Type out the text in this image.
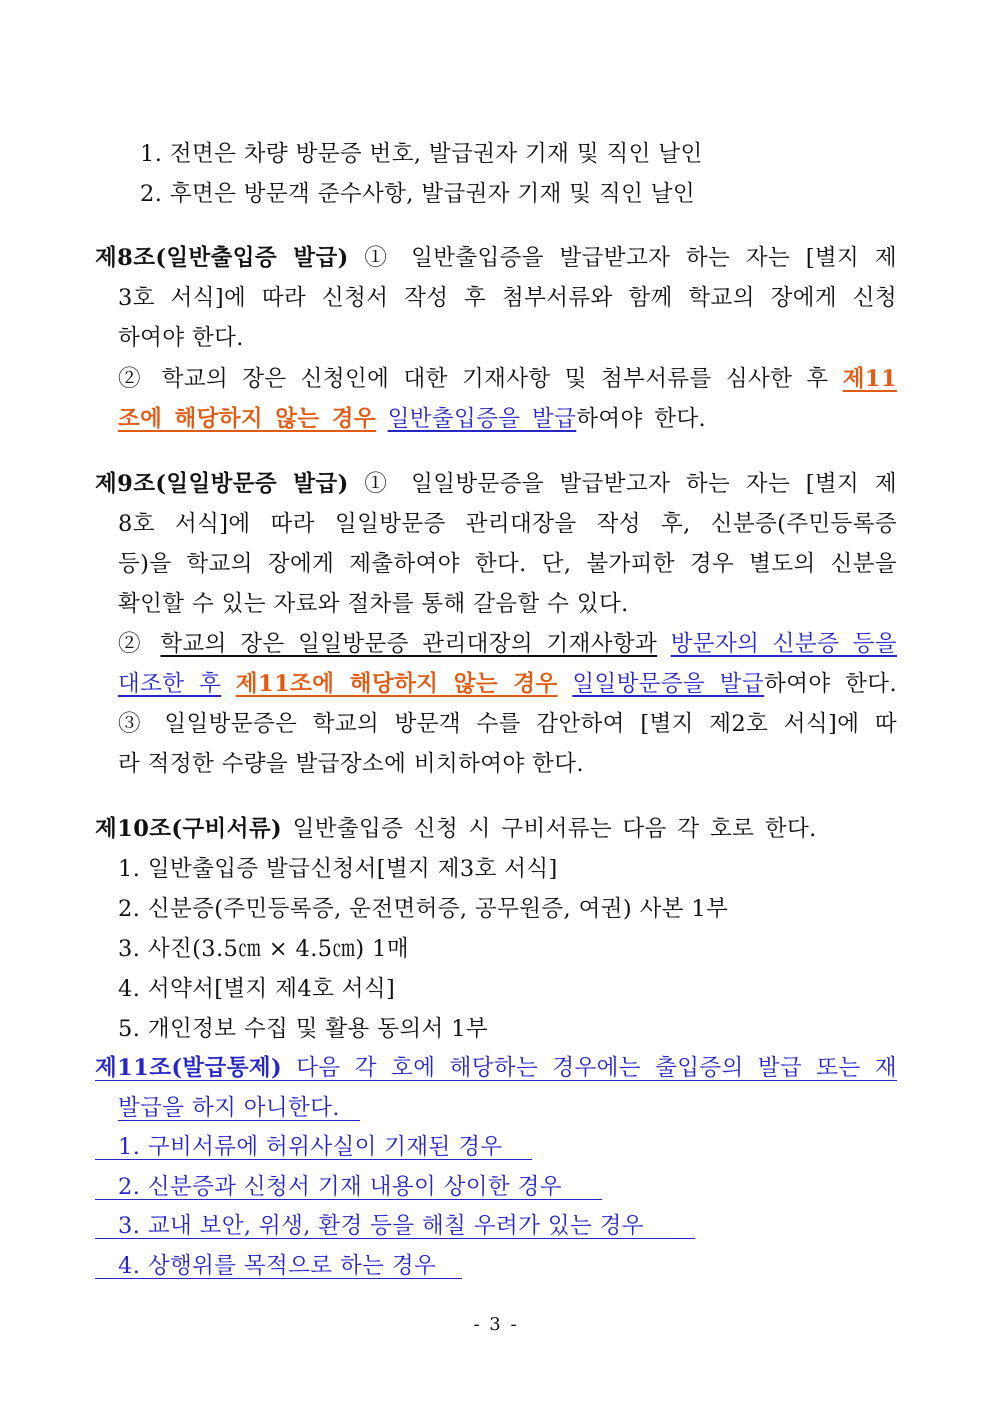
1. 전면은 차량 방문증 번호, 발급권자 기재 및 직인 날인
2. 후면은 방문객 준수사항, 발급권자 기재 및 직인 날인
제8조(일반출입증 발급) ① 일반출입증을 발급받고자 하는 자는 [별지 제
3호 서식]에 따라 신청서 작성 후 첨부서류와 함께 학교의 장에게 신청
하여야 한다.
② 학교의 장은 신청인에 대한 기재사항 및 첨부서류를 심사한 후 제11
조에 해당하지 않는 경우 일반출입증을 발급하여야 한다.
제9조(일일방문증 발급) ① 일일방문증을 발급받고자 하는 자는 [별지 제
8호 서식]에 따라 일일방문증 관리대장을 작성 후, 신분증(주민등록증
등)을 학교의 장에게 제출하여야 한다. 단, 불가피한 경우 별도의 신분을
확인할 수 있는 자료와 절차를 통해 갈음할 수 있다.
② 학교의 장은 일일방문증 관리대장의 기재사항과 방문자의 신분증 등을
대조한 후 제11조에 해당하지 않는 경우 일일방문증을 발급하여야 한다.
③ 일일방문증은 학교의 방문객 수를 감안하여 [별지 제2호 서식]에 따
라 적정한 수량을 발급장소에 비치하여야 한다.
제10조(구비서류) 일반출입증 신청 시 구비서류는 다음 각 호로 한다.
1. 일반출입증 발급신청서[별지 제3호 서식]
2. 신분증(주민등록증, 운전면허증, 공무원증, 여권) 사본 1부
3. 사진(3.5㎝ × 4.5㎝) 1매
4. 서약서[별지 제4호 서식]
5. 개인정보 수집 및 활용 동의서 1부
제11조(발급통제) 다음 각 호에 해당하는 경우에는 출입증의 발급 또는 재
발급을 하지 아니한다.
1. 구비서류에 허위사실이 기재된 경우
2. 신분증과 신청서 기재 내용이 상이한 경우
3. 교내 보안, 위생, 환경 등을 해칠 우려가 있는 경우
4. 상행위를 목적으로 하는 경우
- 3 -
